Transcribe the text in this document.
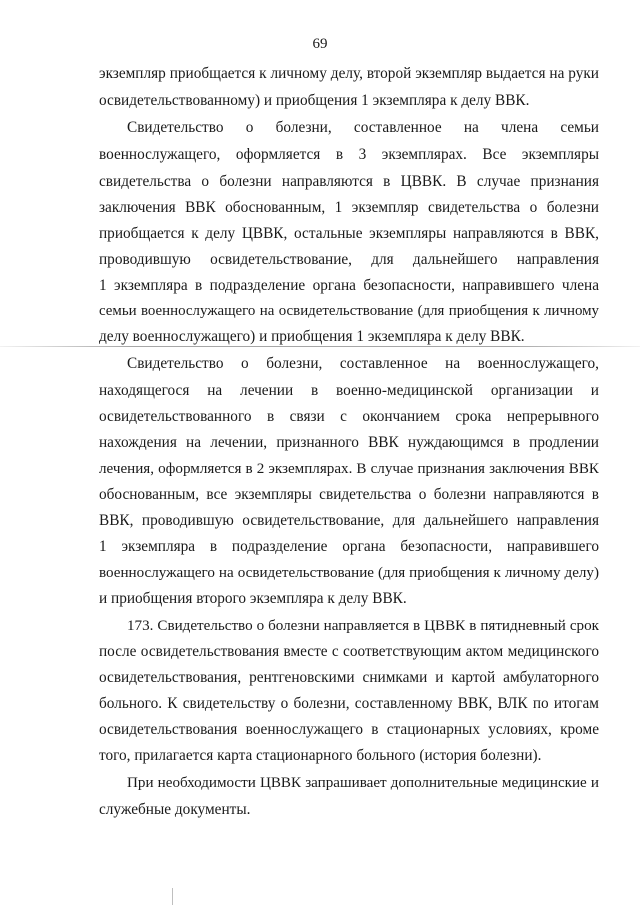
69
экземпляр приобщается к личному делу, второй экземпляр выдается на руки
освидетельствованному) и приобщения 1 экземпляра к делу ВВК.
Свидетельство о болезни, составленное на члена семьи
военнослужащего, оформляется в 3 экземплярах. Все экземпляры
свидетельства о болезни направляются в ЦВВК. В случае признания
заключения ВВК обоснованным, 1 экземпляр свидетельства о болезни
приобщается к делу ЦВВК, остальные экземпляры направляются в ВВК,
проводившую освидетельствование, для дальнейшего направления
1 экземпляра в подразделение органа безопасности, направившего члена
семьи военнослужащего на освидетельствование (для приобщения к личному
делу военнослужащего) и приобщения 1 экземпляра к делу ВВК.
Свидетельство о болезни, составленное на военнослужащего,
находящегося на лечении в военно-медицинской организации и
освидетельствованного в связи с окончанием срока непрерывного
нахождения на лечении, признанного ВВК нуждающимся в продлении
лечения, оформляется в 2 экземплярах. В случае признания заключения ВВК
обоснованным, все экземпляры свидетельства о болезни направляются в
ВВК, проводившую освидетельствование, для дальнейшего направления
1 экземпляра в подразделение органа безопасности, направившего
военнослужащего на освидетельствование (для приобщения к личному делу)
и приобщения второго экземпляра к делу ВВК.
173. Свидетельство о болезни направляется в ЦВВК в пятидневный срок
после освидетельствования вместе с соответствующим актом медицинского
освидетельствования, рентгеновскими снимками и картой амбулаторного
больного. К свидетельству о болезни, составленному ВВК, ВЛК по итогам
освидетельствования военнослужащего в стационарных условиях, кроме
того, прилагается карта стационарного больного (история болезни).
При необходимости ЦВВК запрашивает дополнительные медицинские и
служебные документы.
